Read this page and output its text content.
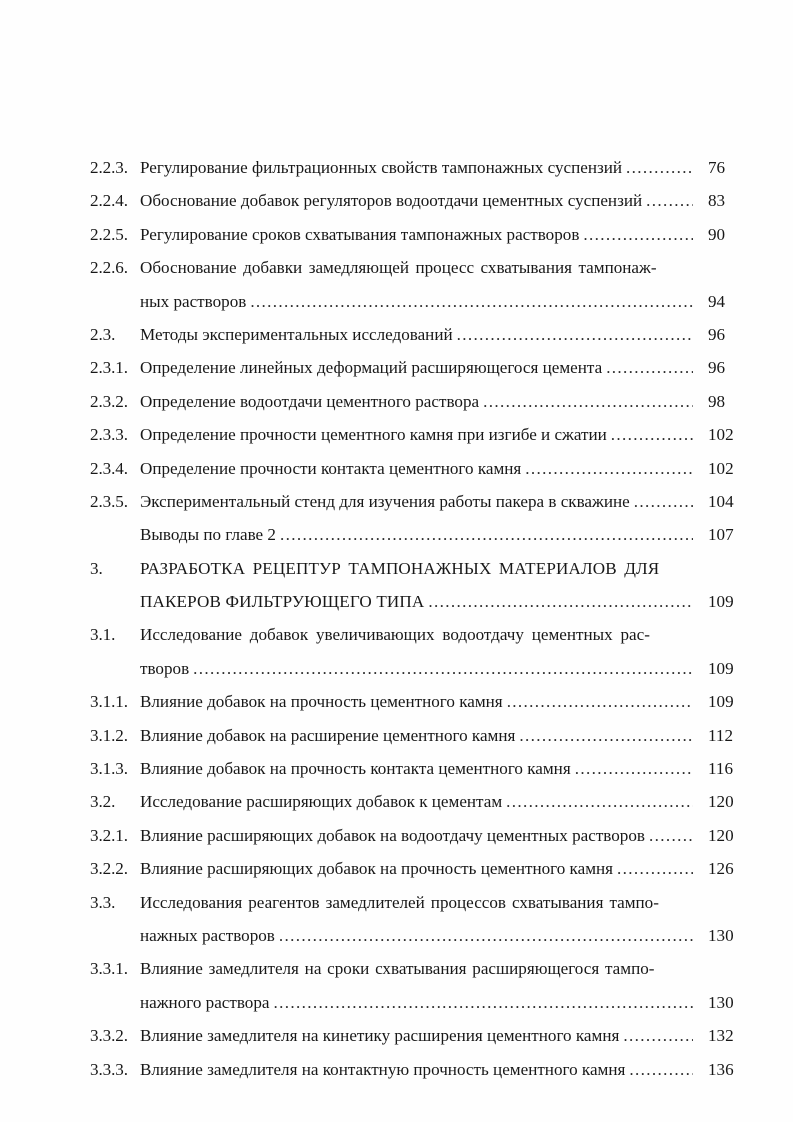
2.2.3. Регулирование фильтрационных свойств тампонажных суспензий .....	76
2.2.4. Обоснование добавок регуляторов водоотдачи цементных суспензий .....	83
2.2.5. Регулирование сроков схватывания тампонажных растворов .....	90
2.2.6. Обоснование добавки замедляющей процесс схватывания тампонаж-
ных растворов .....	94
2.3.	Методы экспериментальных исследований .....	96
2.3.1. Определение линейных деформаций расширяющегося цемента .....	96
2.3.2. Определение водоотдачи цементного раствора .....	98
2.3.3. Определение прочности цементного камня при изгибе и сжатии .....	102
2.3.4. Определение прочности контакта цементного камня .....	102
2.3.5. Экспериментальный стенд для изучения работы пакера в скважине .....	104
Выводы по главе 2 .....	107
3.	РАЗРАБОТКА РЕЦЕПТУР ТАМПОНАЖНЫХ МАТЕРИАЛОВ ДЛЯ
ПАКЕРОВ ФИЛЬТРУЮЩЕГО ТИПА .....	109
3.1.	Исследование добавок увеличивающих водоотдачу цементных рас-
творов .....	109
3.1.1. Влияние добавок на прочность цементного камня .....	109
3.1.2. Влияние добавок на расширение цементного камня .....	112
3.1.3. Влияние добавок на прочность контакта цементного камня .....	116
3.2.	Исследование расширяющих добавок к цементам .....	120
3.2.1. Влияние расширяющих добавок на водоотдачу цементных растворов .....	120
3.2.2. Влияние расширяющих добавок на прочность цементного камня .....	126
3.3.	Исследования реагентов замедлителей процессов схватывания тампо-
нажных растворов .....	130
3.3.1. Влияние замедлителя на сроки схватывания расширяющегося тампо-
нажного раствора .....	130
3.3.2. Влияние замедлителя на кинетику расширения цементного камня .....	132
3.3.3. Влияние замедлителя на контактную прочность цементного камня .....	136
